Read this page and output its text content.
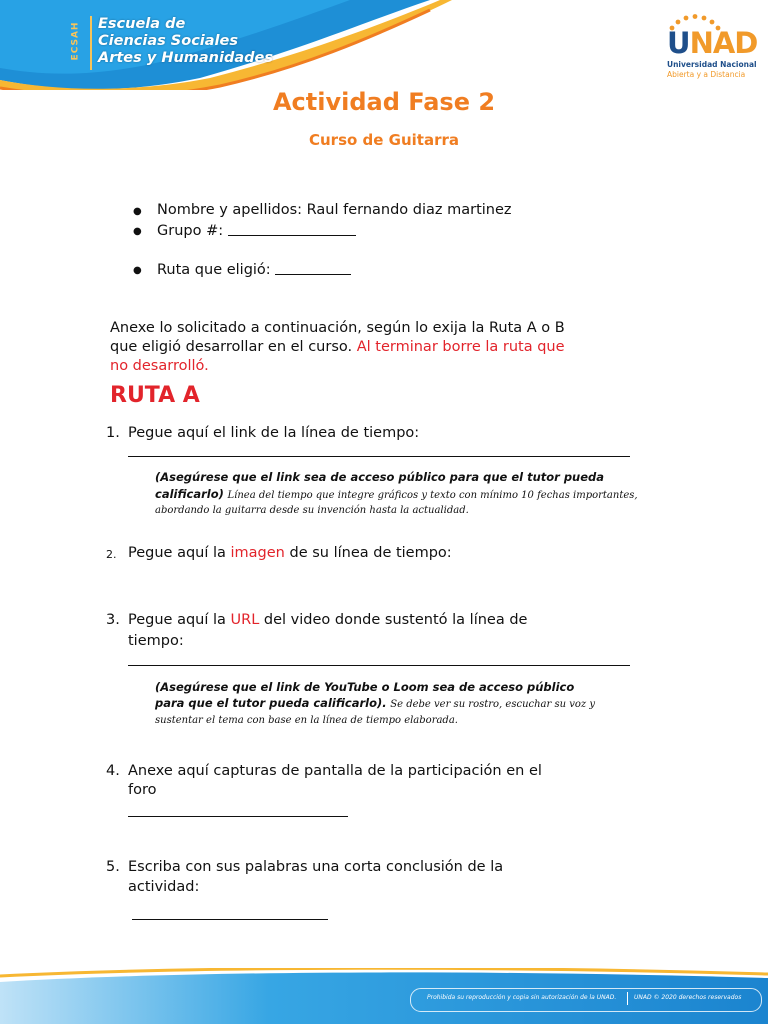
ECSAH Escuela de
Ciencias Sociales
Artes y Humanidades	UNAD
Universidad Nacional
Abierta y a Distancia
Actividad Fase 2
Curso de Guitarra
● Nombre y apellidos: Raul fernando diaz martinez
● Grupo #:
● Ruta que eligió:
Anexe lo solicitado a continuación, según lo exija la Ruta A o B
que eligió desarrollar en el curso. Al terminar borre la ruta que
no desarrolló.
RUTA A
1. Pegue aquí el link de la línea de tiempo:
(Asegúrese que el link sea de acceso público para que el tutor pueda
calificarlo) Línea del tiempo que integre gráficos y texto con mínimo 10 fechas importantes,
abordando la guitarra desde su invención hasta la actualidad.
2. Pegue aquí la imagen de su línea de tiempo:
3. Pegue aquí la URL del video donde sustentó la línea de
tiempo:
(Asegúrese que el link de YouTube o Loom sea de acceso público
para que el tutor pueda calificarlo). Se debe ver su rostro, escuchar su voz y
sustentar el tema con base en la línea de tiempo elaborada.
4. Anexe aquí capturas de pantalla de la participación en el
foro
5. Escriba con sus palabras una corta conclusión de la
actividad:
Prohibida su reproducción y copia sin autorización de la UNAD.	UNAD © 2020 derechos reservados
